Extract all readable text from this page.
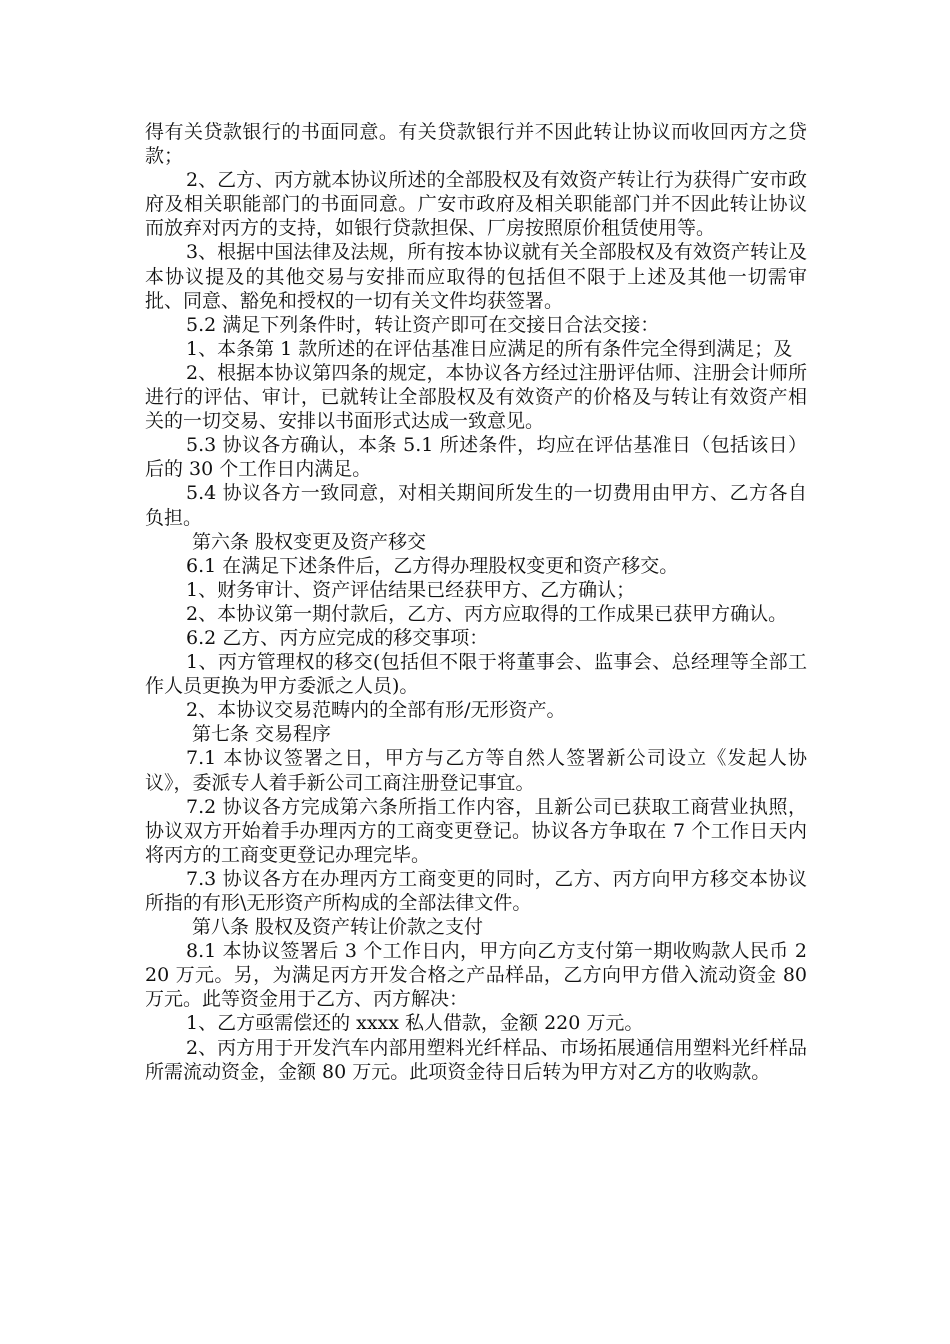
得有关贷款银行的书面同意。有关贷款银行并不因此转让协议而收回丙方之贷款；

2、乙方、丙方就本协议所述的全部股权及有效资产转让行为获得广安市政府及相关职能部门的书面同意。广安市政府及相关职能部门并不因此转让协议而放弃对丙方的支持，如银行贷款担保、厂房按照原价租赁使用等。

3、根据中国法律及法规，所有按本协议就有关全部股权及有效资产转让及本协议提及的其他交易与安排而应取得的包括但不限于上述及其他一切需审批、同意、豁免和授权的一切有关文件均获签署。

5.2 满足下列条件时，转让资产即可在交接日合法交接：

1、本条第 1 款所述的在评估基准日应满足的所有条件完全得到满足；及

2、根据本协议第四条的规定，本协议各方经过注册评估师、注册会计师所进行的评估、审计，已就转让全部股权及有效资产的价格及与转让有效资产相关的一切交易、安排以书面形式达成一致意见。

5.3 协议各方确认，本条 5.1 所述条件，均应在评估基准日（包括该日）后的 30 个工作日内满足。

5.4 协议各方一致同意，对相关期间所发生的一切费用由甲方、乙方各自负担。

第六条 股权变更及资产移交

6.1 在满足下述条件后，乙方得办理股权变更和资产移交。

1、财务审计、资产评估结果已经获甲方、乙方确认；

2、本协议第一期付款后，乙方、丙方应取得的工作成果已获甲方确认。

6.2 乙方、丙方应完成的移交事项：

1、丙方管理权的移交(包括但不限于将董事会、监事会、总经理等全部工作人员更换为甲方委派之人员)。

2、本协议交易范畴内的全部有形/无形资产。

第七条 交易程序

7.1 本协议签署之日，甲方与乙方等自然人签署新公司设立《发起人协议》，委派专人着手新公司工商注册登记事宜。

7.2 协议各方完成第六条所指工作内容，且新公司已获取工商营业执照，协议双方开始着手办理丙方的工商变更登记。协议各方争取在 7 个工作日天内将丙方的工商变更登记办理完毕。

7.3 协议各方在办理丙方工商变更的同时，乙方、丙方向甲方移交本协议所指的有形\无形资产所构成的全部法律文件。

第八条 股权及资产转让价款之支付

8.1 本协议签署后 3 个工作日内，甲方向乙方支付第一期收购款人民币 220 万元。另，为满足丙方开发合格之产品样品，乙方向甲方借入流动资金 80 万元。此等资金用于乙方、丙方解决：

1、乙方亟需偿还的 xxxx 私人借款，金额 220 万元。

2、丙方用于开发汽车内部用塑料光纤样品、市场拓展通信用塑料光纤样品所需流动资金，金额 80 万元。此项资金待日后转为甲方对乙方的收购款。
